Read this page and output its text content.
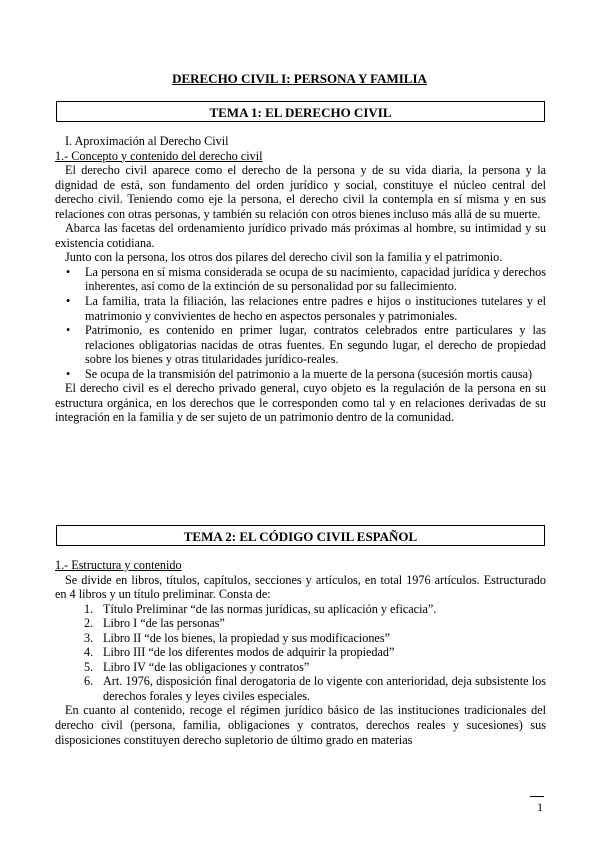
DERECHO CIVIL I: PERSONA Y FAMILIA
TEMA 1: EL DERECHO CIVIL

I. Aproximación al Derecho Civil

1.- Concepto y contenido del derecho civil

El derecho civil aparece como el derecho de la persona y de su vida diaria, la persona y la dignidad de está, son fundamento del orden jurídico y social, constituye el núcleo central del derecho civil. Teniendo como eje la persona, el derecho civil la contempla en sí misma y en sus relaciones con otras personas, y también su relación con otros bienes incluso más allá de su muerte.

Abarca las facetas del ordenamiento jurídico privado más próximas al hombre, su intimidad y su existencia cotidiana.

Junto con la persona, los otros dos pilares del derecho civil son la familia y el patrimonio.

• La persona en sí misma considerada se ocupa de su nacimiento, capacidad jurídica y derechos inherentes, así como de la extinción de su personalidad por su fallecimiento.
• La familia, trata la filiación, las relaciones entre padres e hijos o instituciones tutelares y el matrimonio y convivientes de hecho en aspectos personales y patrimoniales.
• Patrimonio, es contenido en primer lugar, contratos celebrados entre particulares y las relaciones obligatorias nacidas de otras fuentes. En segundo lugar, el derecho de propiedad sobre los bienes y otras titularidades jurídico-reales.
• Se ocupa de la transmisión del patrimonio a la muerte de la persona (sucesión mortis causa)

El derecho civil es el derecho privado general, cuyo objeto es la regulación de la persona en su estructura orgánica, en los derechos que le corresponden como tal y en relaciones derivadas de su integración en la familia y de ser sujeto de un patrimonio dentro de la comunidad.

TEMA 2: EL CÓDIGO CIVIL ESPAÑOL

1.- Estructura y contenido

Se divide en libros, títulos, capítulos, secciones y artículos, en total 1976 artículos. Estructurado en 4 libros y un título preliminar. Consta de:

1. Título Preliminar “de las normas jurídicas, su aplicación y eficacia”.
2. Libro I “de las personas”
3. Libro II “de los bienes, la propiedad y sus modificaciones”
4. Libro III “de los diferentes modos de adquirir la propiedad”
5. Libro IV “de las obligaciones y contratos”
6. Art. 1976, disposición final derogatoria de lo vigente con anterioridad, deja subsistente los derechos forales y leyes civiles especiales.

En cuanto al contenido, recoge el régimen jurídico básico de las instituciones tradicionales del derecho civil (persona, familia, obligaciones y contratos, derechos reales y sucesiones) sus disposiciones constituyen derecho supletorio de último grado en materias

1
